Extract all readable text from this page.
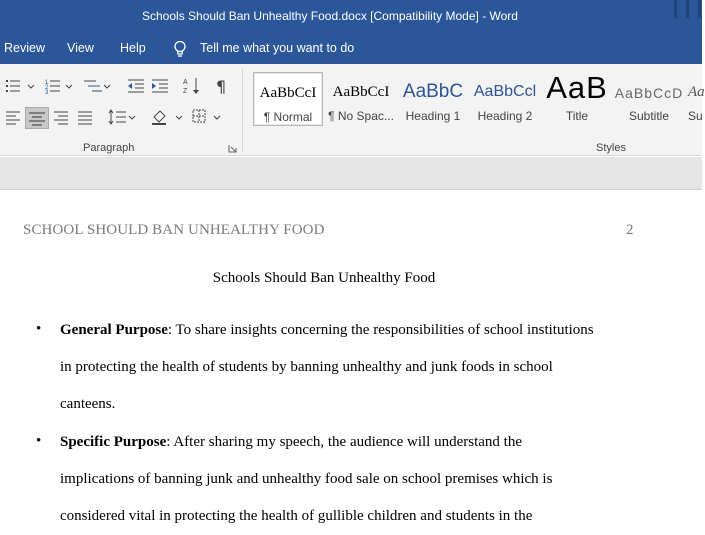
Schools Should Ban Unhealthy Food.docx [Compatibility Mode] - Word
Review View Help	Tell me what you want to do
1
2
3
A
Z ¶
Paragraph
AaBbCcI
¶ Normal
AaBbCcI
¶ No Spac...
AaBbC
Heading 1
AaBbCcl
Heading 2
AaB
Title
AaBbCcD
Subtitle
Aa
Su
Styles
SCHOOL SHOULD BAN UNHEALTHY FOOD	2
Schools Should Ban Unhealthy Food
• General Purpose: To share insights concerning the responsibilities of school institutions
in protecting the health of students by banning unhealthy and junk foods in school
canteens.
• Specific Purpose: After sharing my speech, the audience will understand the
implications of banning junk and unhealthy food sale on school premises which is
considered vital in protecting the health of gullible children and students in the
